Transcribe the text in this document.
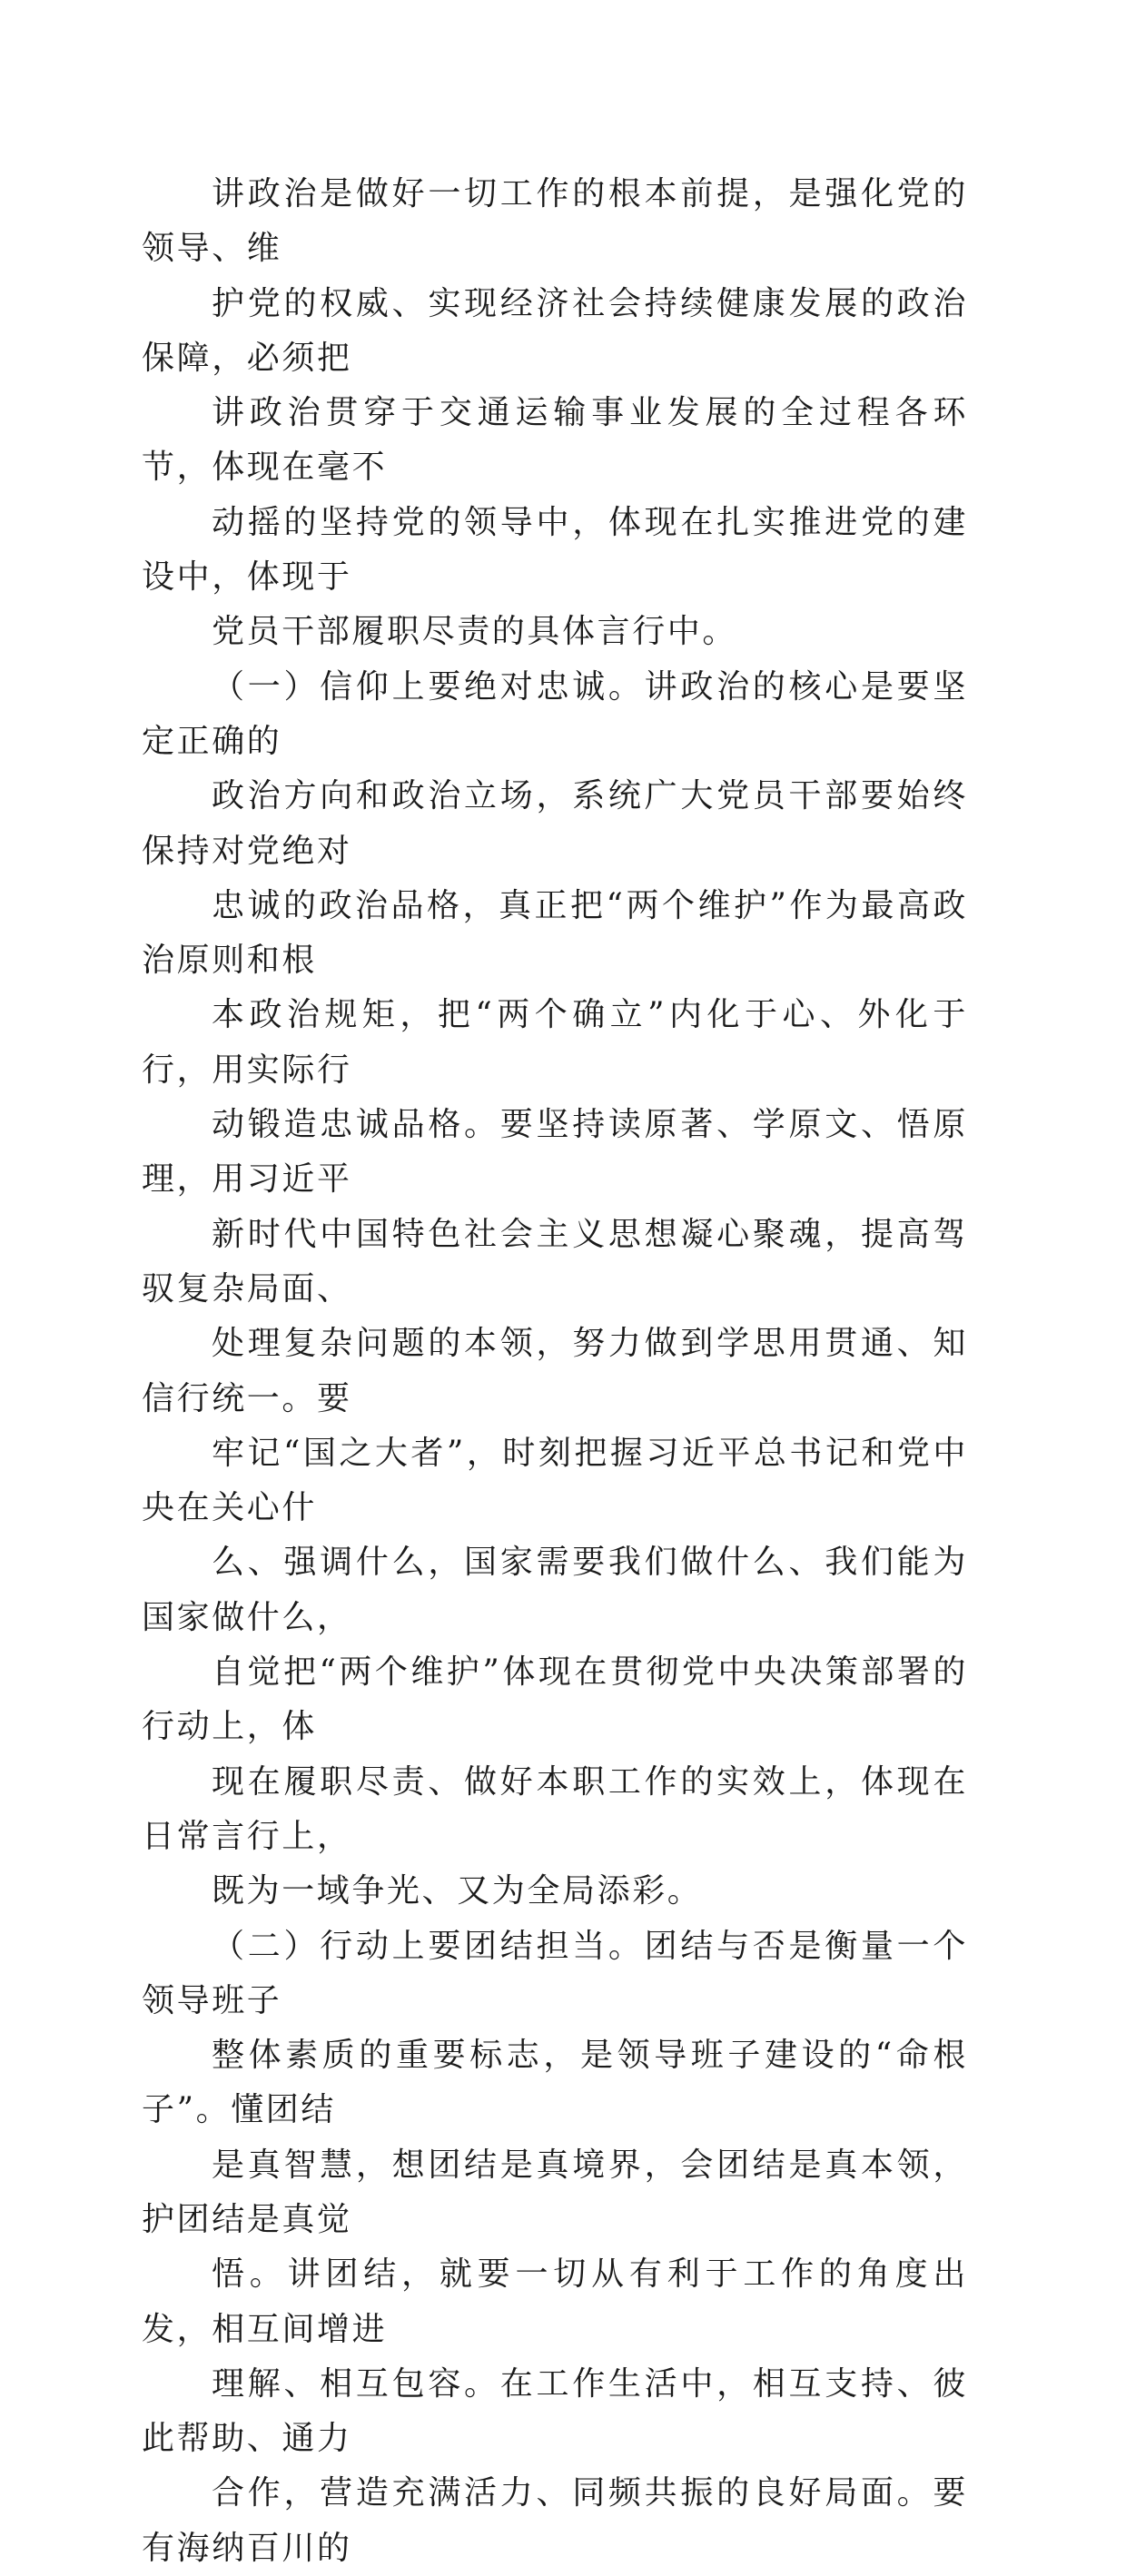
讲政治是做好一切工作的根本前提，是强化党的领导、维
护党的权威、实现经济社会持续健康发展的政治保障，必须把
讲政治贯穿于交通运输事业发展的全过程各环节，体现在毫不
动摇的坚持党的领导中，体现在扎实推进党的建设中，体现于
党员干部履职尽责的具体言行中。

（一）信仰上要绝对忠诚。讲政治的核心是要坚定正确的
政治方向和政治立场，系统广大党员干部要始终保持对党绝对
忠诚的政治品格，真正把“两个维护”作为最高政治原则和根
本政治规矩，把“两个确立”内化于心、外化于行，用实际行
动锻造忠诚品格。要坚持读原著、学原文、悟原理，用习近平
新时代中国特色社会主义思想凝心聚魂，提高驾驭复杂局面、
处理复杂问题的本领，努力做到学思用贯通、知信行统一。要
牢记“国之大者”，时刻把握习近平总书记和党中央在关心什
么、强调什么，国家需要我们做什么、我们能为国家做什么，
自觉把“两个维护”体现在贯彻党中央决策部署的行动上，体
现在履职尽责、做好本职工作的实效上，体现在日常言行上，
既为一域争光、又为全局添彩。

（二）行动上要团结担当。团结与否是衡量一个领导班子
整体素质的重要标志，是领导班子建设的“命根子”。懂团结
是真智慧，想团结是真境界，会团结是真本领，护团结是真觉
悟。讲团结，就要一切从有利于工作的角度出发，相互间增进
理解、相互包容。在工作生活中，相互支持、彼此帮助、通力
合作，营造充满活力、同频共振的良好局面。要有海纳百川的
